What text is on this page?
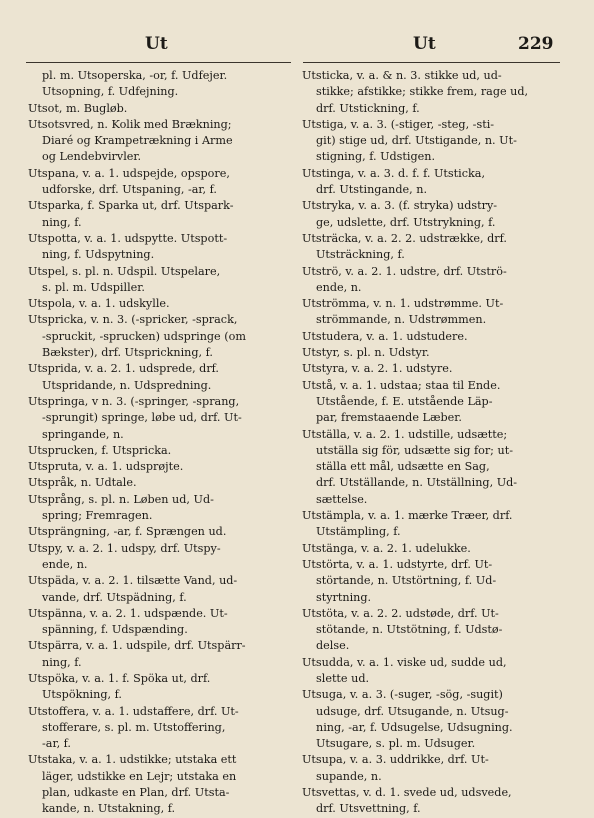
Ut	Ut	229
pl. m. Utsoperska, -or, f. Udfejer.
Utsopning, f. Udfejning.
Utsot, m. Bugløb.
Utsotsvred, n. Kolik med Brækning;
Diaré og Krampetrækning i Arme
og Lendebvirvler.
Utspana, v. a. 1. udspejde, opspore,
udforske, drf. Utspaning, -ar, f.
Utsparka, f. Sparka ut, drf. Utspark-
ning, f.
Utspotta, v. a. 1. udspytte. Utspott-
ning, f. Udspytning.
Utspel, s. pl. n. Udspil. Utspelare,
s. pl. m. Udspiller.
Utspola, v. a. 1. udskylle.
Utspricka, v. n. 3. (-spricker, -sprack,
-spruckit, -sprucken) udspringe (om
Bækster), drf. Utsprickning, f.
Utsprida, v. a. 2. 1. udsprede, drf.
Utspridande, n. Udspredning.
Utspringa, v n. 3. (-springer, -sprang,
-sprungit) springe, løbe ud, drf. Ut-
springande, n.
Utsprucken, f. Utspricka.
Utspruta, v. a. 1. udsprøjte.
Utspråk, n. Udtale.
Utsprång, s. pl. n. Løben ud, Ud-
spring; Fremragen.
Utsprängning, -ar, f. Sprængen ud.
Utspy, v. a. 2. 1. udspy, drf. Utspy-
ende, n.
Utspäda, v. a. 2. 1. tilsætte Vand, ud-
vande, drf. Utspädning, f.
Utspänna, v. a. 2. 1. udspænde. Ut-
spänning, f. Udspænding.
Utspärra, v. a. 1. udspile, drf. Utspärr-
ning, f.
Utspöka, v. a. 1. f. Spöka ut, drf.
Utspökning, f.
Utstoffera, v. a. 1. udstaffere, drf. Ut-
stofferare, s. pl. m. Utstoffering,
-ar, f.
Utstaka, v. a. 1. udstikke; utstaka ett
läger, udstikke en Lejr; utstaka en
plan, udkaste en Plan, drf. Utsta-
kande, n. Utstakning, f.
Utsticka, v. a. & n. 3. stikke ud, ud-
stikke; afstikke; stikke frem, rage ud,
drf. Utstickning, f.
Utstiga, v. a. 3. (-stiger, -steg, -sti-
git) stige ud, drf. Utstigande, n. Ut-
stigning, f. Udstigen.
Utstinga, v. a. 3. d. f. f. Utsticka,
drf. Utstingande, n.
Utstryka, v. a. 3. (f. stryka) udstry-
ge, udslette, drf. Utstrykning, f.
Utsträcka, v. a. 2. 2. udstrække, drf.
Utsträckning, f.
Utströ, v. a. 2. 1. udstre, drf. Utströ-
ende, n.
Utströmma, v. n. 1. udstrømme. Ut-
strömmande, n. Udstrømmen.
Utstudera, v. a. 1. udstudere.
Utstyr, s. pl. n. Udstyr.
Utstyra, v. a. 2. 1. udstyre.
Utstå, v. a. 1. udstaa; staa til Ende.
Utstående, f. E. utstående Läp-
par, fremstaaende Læber.
Utställa, v. a. 2. 1. udstille, udsætte;
utställa sig för, udsætte sig for; ut-
ställa ett mål, udsætte en Sag,
drf. Utställande, n. Utställning, Ud-
sættelse.
Utstämpla, v. a. 1. mærke Træer, drf.
Utstämpling, f.
Utstänga, v. a. 2. 1. udelukke.
Utstörta, v. a. 1. udstyrte, drf. Ut-
störtande, n. Utstörtning, f. Ud-
styrtning.
Utstöta, v. a. 2. 2. udstøde, drf. Ut-
stötande, n. Utstötning, f. Udstø-
delse.
Utsudda, v. a. 1. viske ud, sudde ud,
slette ud.
Utsuga, v. a. 3. (-suger, -sög, -sugit)
udsuge, drf. Utsugande, n. Utsug-
ning, -ar, f. Udsugelse, Udsugning.
Utsugare, s. pl. m. Udsuger.
Utsupa, v. a. 3. uddrikke, drf. Ut-
supande, n.
Utsvettas, v. d. 1. svede ud, udsvede,
drf. Utsvettning, f.
